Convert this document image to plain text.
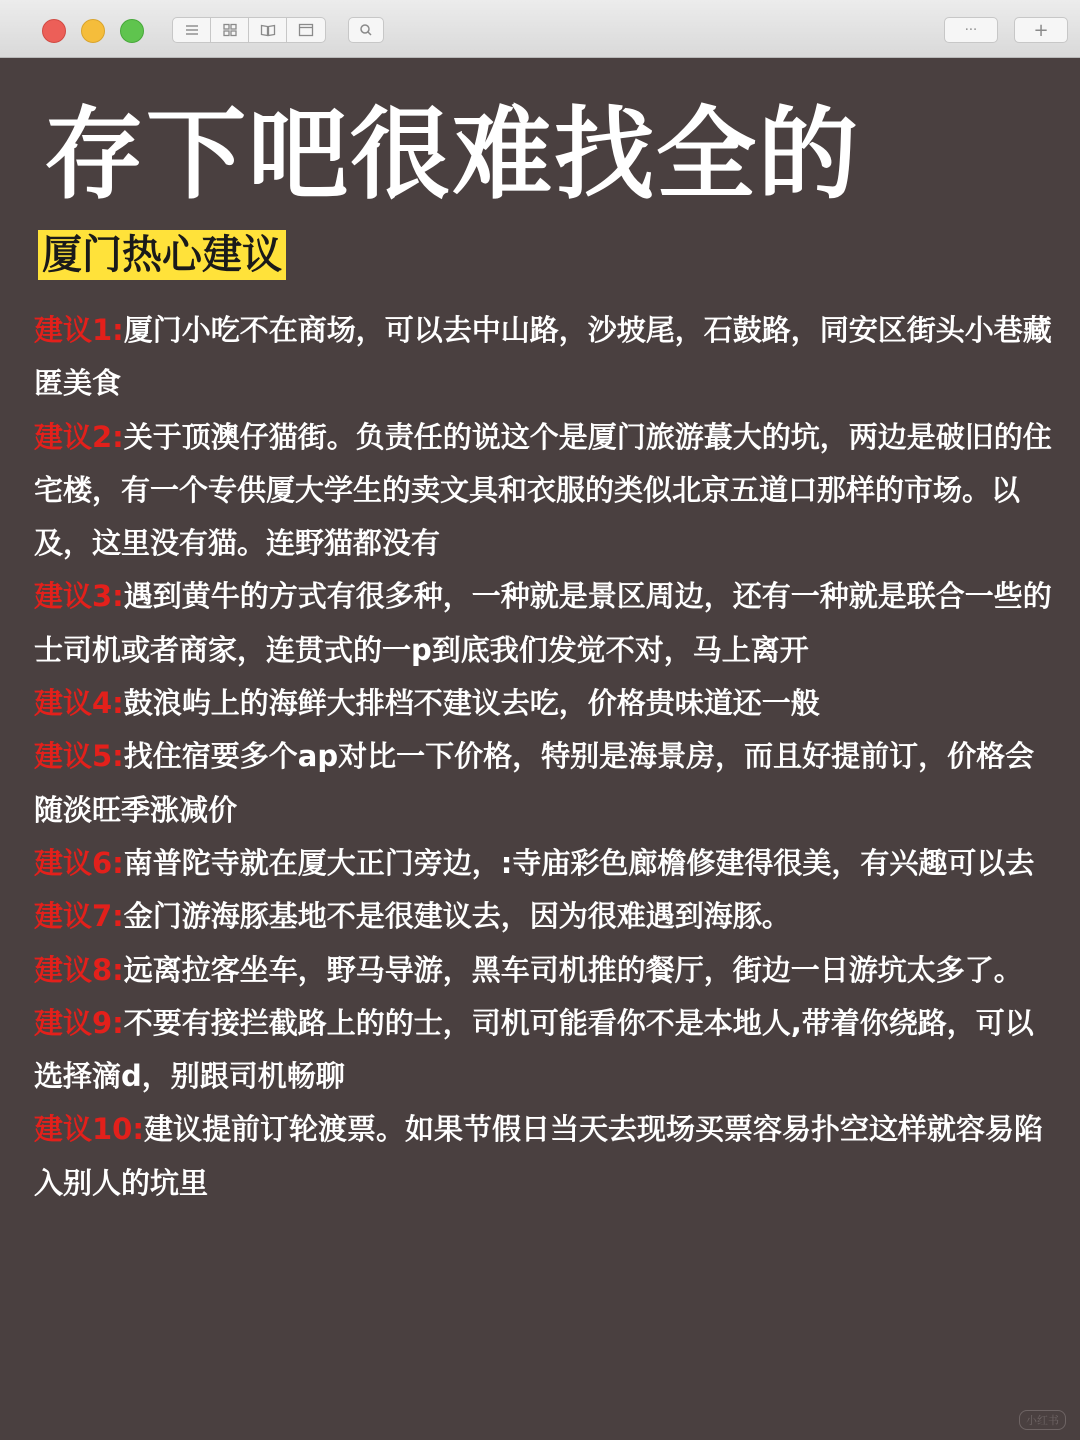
···	+
存下吧很难找全的
厦门热心建议
建议1:厦门小吃不在商场，可以去中山路，沙坡尾，石鼓路，同安区街头小巷藏匿美食
建议2:关于顶澳仔猫街。负责任的说这个是厦门旅游蕞大的坑，两边是破旧的住宅楼，有一个专供厦大学生的卖文具和衣服的类似北京五道口那样的市场。以及，这里没有猫。连野猫都没有
建议3:遇到黄牛的方式有很多种，一种就是景区周边，还有一种就是联合一些的士司机或者商家，连贯式的一p到底我们发觉不对，马上离开
建议4:鼓浪屿上的海鲜大排档不建议去吃，价格贵味道还一般
建议5:找住宿要多个ap对比一下价格，特别是海景房，而且好提前订，价格会随淡旺季涨减价
建议6:南普陀寺就在厦大正门旁边，:寺庙彩色廊檐修建得很美，有兴趣可以去
建议7:金门游海豚基地不是很建议去，因为很难遇到海豚。
建议8:远离拉客坐车，野马导游，黑车司机推的餐厅，街边一日游坑太多了。
建议9:不要有接拦截路上的的士，司机可能看你不是本地人,带着你绕路，可以选择滴d，别跟司机畅聊
建议10:建议提前订轮渡票。如果节假日当天去现场买票容易扑空这样就容易陷入别人的坑里
小红书
